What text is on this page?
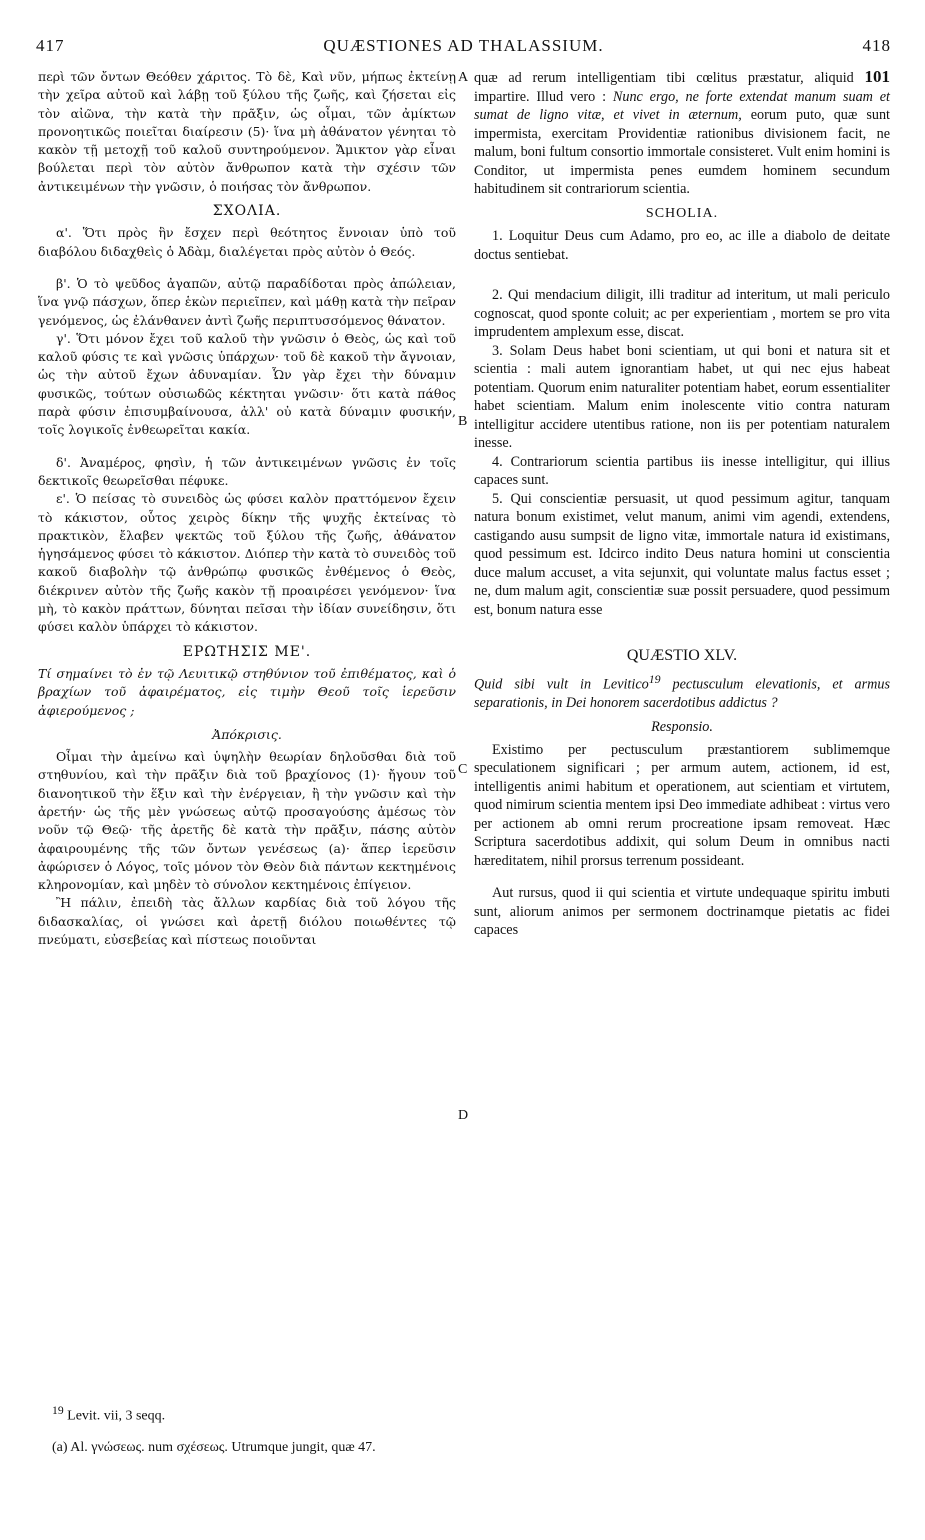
417	QUÆSTIONES AD THALASSIUM.	418
A
B
C
D

περὶ τῶν ὄντων Θεόθεν χάριτος. Τὸ δὲ, Καὶ νῦν, μήπως ἐκτείνῃ τὴν χεῖρα αὐτοῦ καὶ λάβῃ τοῦ ξύλου τῆς ζωῆς, καὶ ζήσεται εἰς τὸν αἰῶνα, τὴν κατὰ τὴν πρᾶξιν, ὡς οἶμαι, τῶν ἀμίκτων προνοητικῶς ποιεῖται διαίρεσιν (5)· ἵνα μὴ ἀθάνατον γένηται τὸ κακὸν τῇ μετοχῇ τοῦ καλοῦ συντηρούμενον. Ἄμικτον γὰρ εἶναι βούλεται περὶ τὸν αὐτὸν ἄνθρωπον κατὰ τὴν σχέσιν τῶν ἀντικειμένων τὴν γνῶσιν, ὁ ποιήσας τὸν ἄνθρωπον.

ΣΧΟΛΙΑ.

α'. Ὅτι πρὸς ἣν ἔσχεν περὶ θεότητος ἔννοιαν ὑπὸ τοῦ διαβόλου διδαχθεὶς ὁ Ἀδὰμ, διαλέγεται πρὸς αὐτὸν ὁ Θεός.

β'. Ὁ τὸ ψεῦδος ἀγαπῶν, αὐτῷ παραδίδοται πρὸς ἀπώλειαν, ἵνα γνῷ πάσχων, ὅπερ ἑκὼν περιεῖπεν, καὶ μάθῃ κατὰ τὴν πεῖραν γενόμενος, ὡς ἐλάνθανεν ἀντὶ ζωῆς περιπτυσσόμενος θάνατον.

γ'. Ὅτι μόνον ἔχει τοῦ καλοῦ τὴν γνῶσιν ὁ Θεὸς, ὡς καὶ τοῦ καλοῦ φύσις τε καὶ γνῶσις ὑπάρχων· τοῦ δὲ κακοῦ τὴν ἄγνοιαν, ὡς τὴν αὐτοῦ ἔχων ἀδυναμίαν. Ὧν γὰρ ἔχει τὴν δύναμιν φυσικῶς, τούτων οὐσιωδῶς κέκτηται γνῶσιν· ὅτι κατὰ πάθος παρὰ φύσιν ἐπισυμβαίνουσα, ἀλλ' οὐ κατὰ δύναμιν φυσικήν, τοῖς λογικοῖς ἐνθεωρεῖται κακία.

δ'. Ἀναμέρος, φησὶν, ἡ τῶν ἀντικειμένων γνῶσις ἐν τοῖς δεκτικοῖς θεωρεῖσθαι πέφυκε.

ε'. Ὁ πείσας τὸ συνειδὸς ὡς φύσει καλὸν πραττόμενον ἔχειν τὸ κάκιστον, οὗτος χειρὸς δίκην τῆς ψυχῆς ἐκτείνας τὸ πρακτικὸν, ἔλαβεν ψεκτῶς τοῦ ξύλου τῆς ζωῆς, ἀθάνατον ἡγησάμενος φύσει τὸ κάκιστον. Διόπερ τὴν κατὰ τὸ συνειδὸς τοῦ κακοῦ διαβολὴν τῷ ἀνθρώπῳ φυσικῶς ἐνθέμενος ὁ Θεὸς, διέκρινεν αὐτὸν τῆς ζωῆς κακὸν τῇ προαιρέσει γενόμενον· ἵνα μὴ, τὸ κακὸν πράττων, δύνηται πεῖσαι τὴν ἰδίαν συνείδησιν, ὅτι φύσει καλὸν ὑπάρχει τὸ κάκιστον.

ΕΡΩΤΗΣΙΣ ΜΕ'.

Τί σημαίνει τὸ ἐν τῷ Λευιτικῷ στηθύνιον τοῦ ἐπιθέματος, καὶ ὁ βραχίων τοῦ ἀφαιρέματος, εἰς τιμὴν Θεοῦ τοῖς ἱερεῦσιν ἀφιερούμενος ;

Ἀπόκρισις.

Οἶμαι τὴν ἀμείνω καὶ ὑψηλὴν θεωρίαν δηλοῦσθαι διὰ τοῦ στηθυνίου, καὶ τὴν πρᾶξιν διὰ τοῦ βραχίονος (1)· ἤγουν τοῦ διανοητικοῦ τὴν ἕξιν καὶ τὴν ἐνέργειαν, ἢ τὴν γνῶσιν καὶ τὴν ἀρετήν· ὡς τῆς μὲν γνώσεως αὐτῷ προσαγούσης ἀμέσως τὸν νοῦν τῷ Θεῷ· τῆς ἀρετῆς δὲ κατὰ τὴν πρᾶξιν, πάσης αὐτὸν ἀφαιρουμένης τῆς τῶν ὄντων γενέσεως (a)· ἅπερ ἱερεῦσιν ἀφώρισεν ὁ Λόγος, τοῖς μόνον τὸν Θεὸν διὰ πάντων κεκτημένοις κληρονομίαν, καὶ μηδὲν τὸ σύνολον κεκτημένοις ἐπίγειον.

Ἢ πάλιν, ἐπειδὴ τὰς ἄλλων καρδίας διὰ τοῦ λόγου τῆς διδασκαλίας, οἱ γνώσει καὶ ἀρετῇ διόλου ποιωθέντες τῷ πνεύματι, εὐσεβείας καὶ πίστεως ποιοῦνται

quæ ad rerum intelligentiam tibi cœlitus præstatur, aliquid 101 impartire. Illud vero : Nunc ergo, ne forte extendat manum suam et sumat de ligno vitæ, et vivet in æternum, eorum puto, quæ sunt impermista, exercitam Providentiæ rationibus divisionem facit, ne malum, boni fultum consortio immortale consisteret. Vult enim homini is Conditor, ut impermista penes eumdem hominem secundum habitudinem sit contrariorum scientia.

SCHOLIA.

1. Loquitur Deus cum Adamo, pro eo, ac ille a diabolo de deitate doctus sentiebat.

2. Qui mendacium diligit, illi traditur ad interitum, ut mali periculo cognoscat, quod sponte coluit; ac per experientiam , mortem se pro vita imprudentem amplexum esse, discat.

3. Solam Deus habet boni scientiam, ut qui boni et natura sit et scientia : mali autem ignorantiam habet, ut qui nec ejus habeat potentiam. Quorum enim naturaliter potentiam habet, eorum essentialiter habet scientiam. Malum enim inolescente vitio contra naturam intelligitur accidere utentibus ratione, non iis per potentiam naturalem inesse.

4. Contrariorum scientia partibus iis inesse intelligitur, qui illius capaces sunt.

5. Qui conscientiæ persuasit, ut quod pessimum agitur, tanquam natura bonum existimet, velut manum, animi vim agendi, extendens, castigando ausu sumpsit de ligno vitæ, immortale natura id existimans, quod pessimum est. Idcirco indito Deus natura homini ut conscientia duce malum accuset, a vita sejunxit, qui voluntate malus factus esset ; ne, dum malum agit, conscientiæ suæ possit persuadere, quod pessimum est, bonum natura esse

QUÆSTIO XLV.

Quid sibi vult in Levitico$^{19}$ pectusculum elevationis, et armus separationis, in Dei honorem sacerdotibus addictus ?

Responsio.

Existimo per pectusculum præstantiorem sublimemque speculationem significari ; per armum autem, actionem, id est, intelligentis animi habitum et operationem, aut scientiam et virtutem, quod nimirum scientia mentem ipsi Deo immediate adhibeat : virtus vero per actionem ab omni rerum procreatione ipsam removeat. Hæc Scriptura sacerdotibus addixit, qui solum Deum in omnibus nacti hæreditatem, nihil prorsus terrenum possideant.

Aut rursus, quod ii qui scientia et virtute undequaque spiritu imbuti sunt, aliorum animos per sermonem doctrinamque pietatis ac fidei capaces

$^{19}$ Levit. vii, 3 seqq.
(a) Al. γνώσεως. num σχέσεως. Utrumque jungit, quæ 47.
